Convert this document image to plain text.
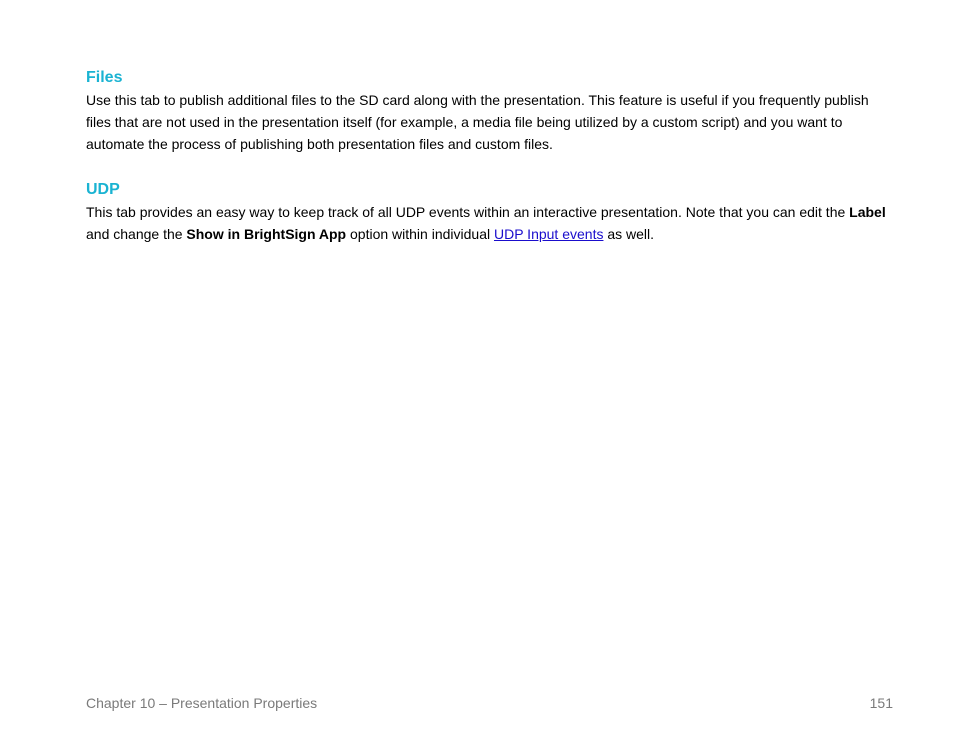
Files

Use this tab to publish additional files to the SD card along with the presentation. This feature is useful if you frequently publish files that are not used in the presentation itself (for example, a media file being utilized by a custom script) and you want to automate the process of publishing both presentation files and custom files.

UDP

This tab provides an easy way to keep track of all UDP events within an interactive presentation. Note that you can edit the Label and change the Show in BrightSign App option within individual UDP Input events as well.

Chapter 10 – Presentation Properties	151
